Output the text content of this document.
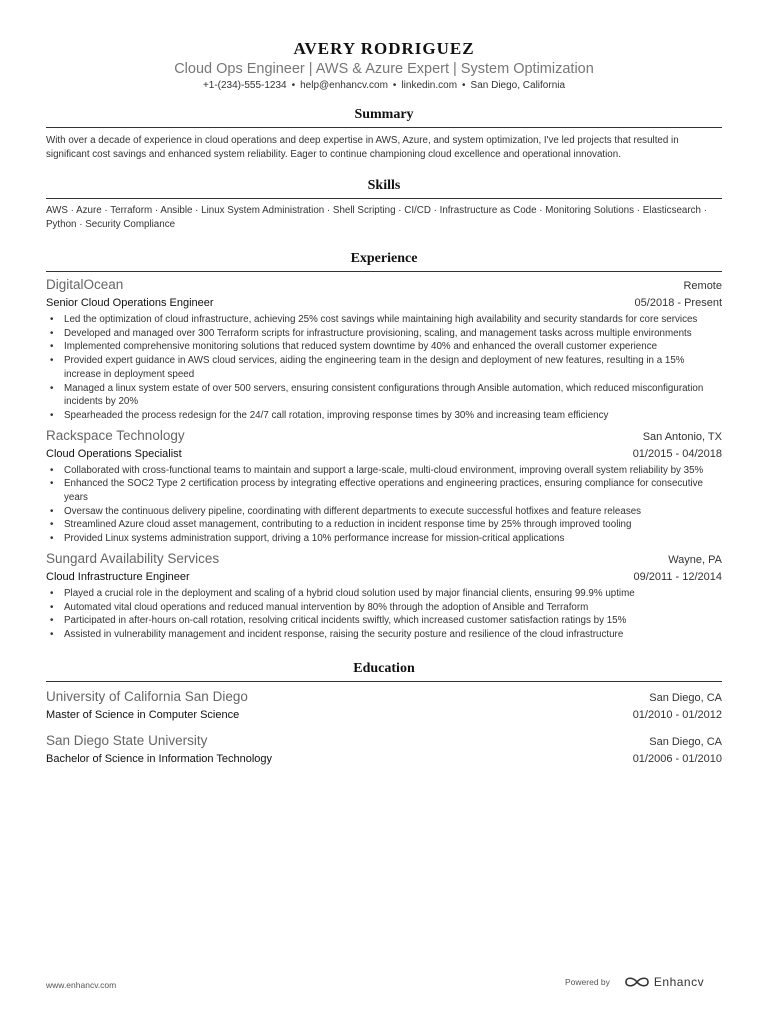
AVERY RODRIGUEZ
Cloud Ops Engineer | AWS & Azure Expert | System Optimization
+1-(234)-555-1234 • help@enhancv.com • linkedin.com • San Diego, California
Summary
With over a decade of experience in cloud operations and deep expertise in AWS, Azure, and system optimization, I've led projects that resulted in significant cost savings and enhanced system reliability. Eager to continue championing cloud excellence and operational innovation.
Skills
AWS · Azure · Terraform · Ansible · Linux System Administration · Shell Scripting · CI/CD · Infrastructure as Code · Monitoring Solutions · Elasticsearch · Python · Security Compliance
Experience
DigitalOcean	Remote
Senior Cloud Operations Engineer	05/2018 - Present
• Led the optimization of cloud infrastructure, achieving 25% cost savings while maintaining high availability and security standards for core services
• Developed and managed over 300 Terraform scripts for infrastructure provisioning, scaling, and management tasks across multiple environments
• Implemented comprehensive monitoring solutions that reduced system downtime by 40% and enhanced the overall customer experience
• Provided expert guidance in AWS cloud services, aiding the engineering team in the design and deployment of new features, resulting in a 15% increase in deployment speed
• Managed a linux system estate of over 500 servers, ensuring consistent configurations through Ansible automation, which reduced misconfiguration incidents by 20%
• Spearheaded the process redesign for the 24/7 call rotation, improving response times by 30% and increasing team efficiency
Rackspace Technology	San Antonio, TX
Cloud Operations Specialist	01/2015 - 04/2018
• Collaborated with cross-functional teams to maintain and support a large-scale, multi-cloud environment, improving overall system reliability by 35%
• Enhanced the SOC2 Type 2 certification process by integrating effective operations and engineering practices, ensuring compliance for consecutive years
• Oversaw the continuous delivery pipeline, coordinating with different departments to execute successful hotfixes and feature releases
• Streamlined Azure cloud asset management, contributing to a reduction in incident response time by 25% through improved tooling
• Provided Linux systems administration support, driving a 10% performance increase for mission-critical applications
Sungard Availability Services	Wayne, PA
Cloud Infrastructure Engineer	09/2011 - 12/2014
• Played a crucial role in the deployment and scaling of a hybrid cloud solution used by major financial clients, ensuring 99.9% uptime
• Automated vital cloud operations and reduced manual intervention by 80% through the adoption of Ansible and Terraform
• Participated in after-hours on-call rotation, resolving critical incidents swiftly, which increased customer satisfaction ratings by 15%
• Assisted in vulnerability management and incident response, raising the security posture and resilience of the cloud infrastructure
Education
University of California San Diego	San Diego, CA
Master of Science in Computer Science	01/2010 - 01/2012
San Diego State University	San Diego, CA
Bachelor of Science in Information Technology	01/2006 - 01/2010
www.enhancv.com	Powered by	Enhancv
